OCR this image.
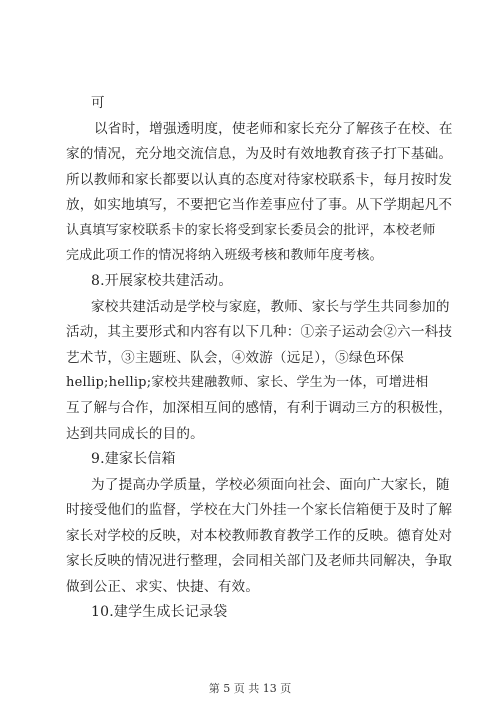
可
以省时，增强透明度，使老师和家长充分了解孩子在校、在
家的情况，充分地交流信息，为及时有效地教育孩子打下基础。
所以教师和家长都要以认真的态度对待家校联系卡，每月按时发
放，如实地填写，不要把它当作差事应付了事。从下学期起凡不
认真填写家校联系卡的家长将受到家长委员会的批评，本校老师
完成此项工作的情况将纳入班级考核和教师年度考核。
8.开展家校共建活动。
家校共建活动是学校与家庭，教师、家长与学生共同参加的
活动，其主要形式和内容有以下几种：①亲子运动会②六一科技
艺术节，③主题班、队会，④效游（远足），⑤绿色环保
hellip;hellip;家校共建融教师、家长、学生为一体，可增进相
互了解与合作，加深相互间的感情，有利于调动三方的积极性，
达到共同成长的目的。
9.建家长信箱
为了提高办学质量，学校必须面向社会、面向广大家长，随
时接受他们的监督，学校在大门外挂一个家长信箱便于及时了解
家长对学校的反映，对本校教师教育教学工作的反映。德育处对
家长反映的情况进行整理，会同相关部门及老师共同解决，争取
做到公正、求实、快捷、有效。
10.建学生成长记录袋
第 5 页 共 13 页
